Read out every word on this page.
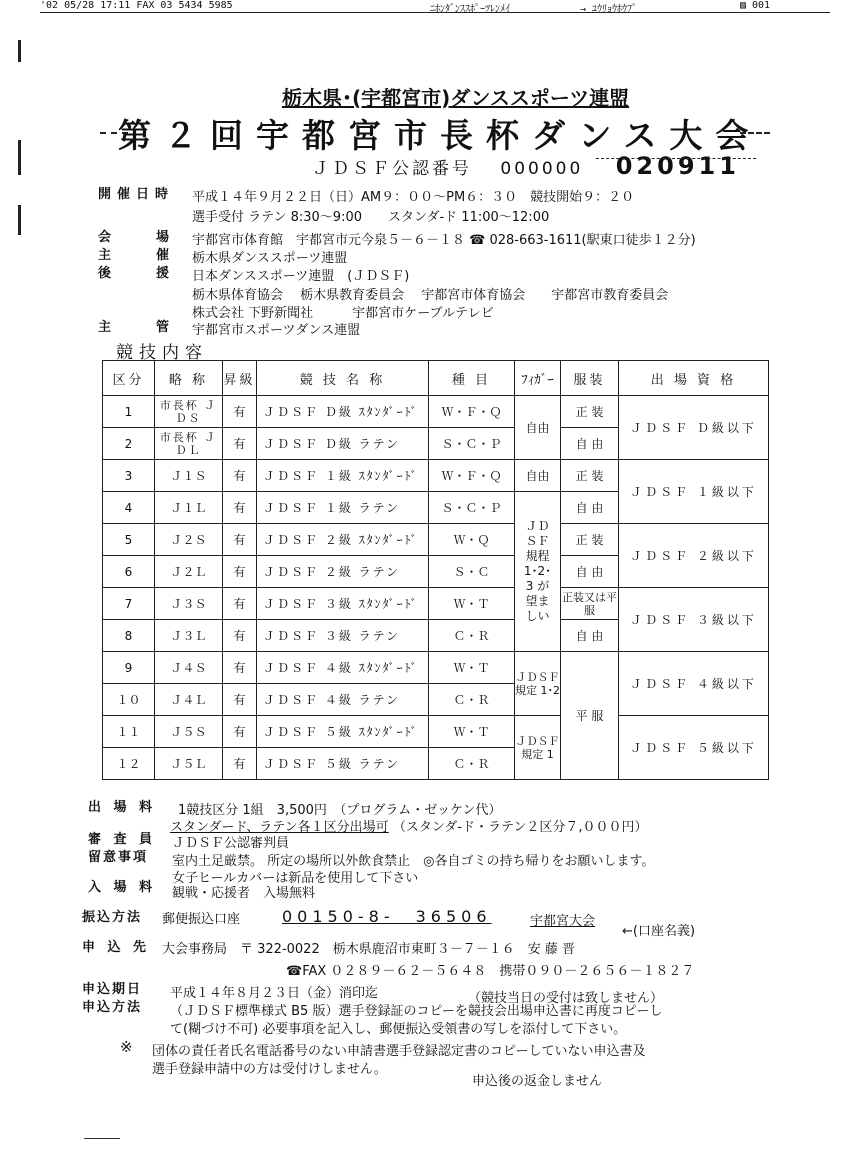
'02 05/28 17:11 FAX 03 5434 5985	ﾆﾎﾝﾀﾞﾝｽｽﾎﾟｰﾂﾚﾝﾒｲ	→ ﾕｳﾘｮｳﾎｳﾌﾟ	▨ 001
栃木県･(宇都宮市)ダンススポーツ連盟
第２回宇都宮市長杯ダンス大会
ＪＤＳＦ公認番号 000000 020911
開催日時 平成１４年９月２２日（日）AM９：００～PM６：３０　競技開始９：２０
選手受付 ラテン 8:30～9:00　　スタンダ-ド 11:00～12:00
会　場 宇都宮市体育館　宇都宮市元今泉５－６－１８ ☎ 028-663-1611(駅東口徒歩１２分)
主　催 栃木県ダンススポーツ連盟
後　援 日本ダンススポーツ連盟　(ＪＤＳＦ)
栃木県体育協会　 栃木県教育委員会　 宇都宮市体育協会　　宇都宮市教育委員会
株式会社 下野新聞社　　　宇都宮市ケーブルテレビ
主　管 宇都宮市スポーツダンス連盟
競技内容
区分	略 称	昇級	競 技 名 称	種 目	ﾌｨｶﾞｰ	服装	出 場 資 格
1	市長杯 ＪＤＳ	有	ＪＤＳＦ Ｄ級 ｽﾀﾝﾀﾞｰﾄﾞ	Ｗ・Ｆ・Ｑ	自由	正 装	ＪＤＳＦ Ｄ級以下
2	市長杯 ＪＤＬ	有	ＪＤＳＦ Ｄ級 ラテン	Ｓ・Ｃ・Ｐ		自 由	
3	Ｊ１Ｓ	有	ＪＤＳＦ １級 ｽﾀﾝﾀﾞｰﾄﾞ	Ｗ・Ｆ・Ｑ	自由	正 装	ＪＤＳＦ １級以下
4	Ｊ１Ｌ	有	ＪＤＳＦ １級 ラテン	Ｓ・Ｃ・Ｐ	ＪＤＳＦ 規程 1･2･3 が 望ましい	自 由	
5	Ｊ２Ｓ	有	ＪＤＳＦ ２級 ｽﾀﾝﾀﾞｰﾄﾞ	Ｗ・Ｑ		正 装	ＪＤＳＦ ２級以下
6	Ｊ２Ｌ	有	ＪＤＳＦ ２級 ラテン	Ｓ・Ｃ		自 由	
7	Ｊ３Ｓ	有	ＪＤＳＦ ３級 ｽﾀﾝﾀﾞｰﾄﾞ	Ｗ・Ｔ		正装又は平服	ＪＤＳＦ ３級以下
8	Ｊ３Ｌ	有	ＪＤＳＦ ３級 ラテン	Ｃ・Ｒ		自 由	
9	Ｊ４Ｓ	有	ＪＤＳＦ ４級 ｽﾀﾝﾀﾞｰﾄﾞ	Ｗ・Ｔ	ＪＤＳＦ 規定 1･2	平 服	ＪＤＳＦ ４級以下
１０	Ｊ４Ｌ	有	ＪＤＳＦ ４級 ラテン	Ｃ・Ｒ			
１１	Ｊ５Ｓ	有	ＪＤＳＦ ５級 ｽﾀﾝﾀﾞｰﾄﾞ	Ｗ・Ｔ	ＪＤＳＦ 規定 1		ＪＤＳＦ ５級以下
１２	Ｊ５Ｌ	有	ＪＤＳＦ ５級 ラテン	Ｃ・Ｒ			
出 場 料 1競技区分 1組　3,500円　（プログラム・ゼッケン代）
スタンダード、ラテン各１区分出場可 （スタンダ-ド・ラテン２区分７,０００円）
審 査 員 ＪＤＳＦ公認審判員
留意事項 室内土足厳禁。 所定の場所以外飲食禁止　◎各自ゴミの持ち帰りをお願いします。
女子ヒールカバーは新品を使用して下さい
入 場 料 観戦・応援者　入場無料
振込方法 郵便振込口座	00150-8-　36506	宇都宮大会
←(口座名義)
申 込 先 大会事務局　〒 322-0022　栃木県鹿沼市東町３－７－１６　安 藤 晋
☎FAX ０２８９－６２－５６４８　携帯０９０－２６５６－１８２７
申込期日 平成１４年８月２３日（金）消印迄	（競技当日の受付は致しません）
申込方法 （ＪＤＳＦ標準様式 B5 版）選手登録証のコピーを競技会出場申込書に再度コピーし
て(糊づけ不可) 必要事項を記入し、郵便振込受領書の写しを添付して下さい。
※ 団体の責任者氏名電話番号のない申請書選手登録認定書のコピーしていない申込書及
選手登録申請中の方は受付けしません。
申込後の返金しません
